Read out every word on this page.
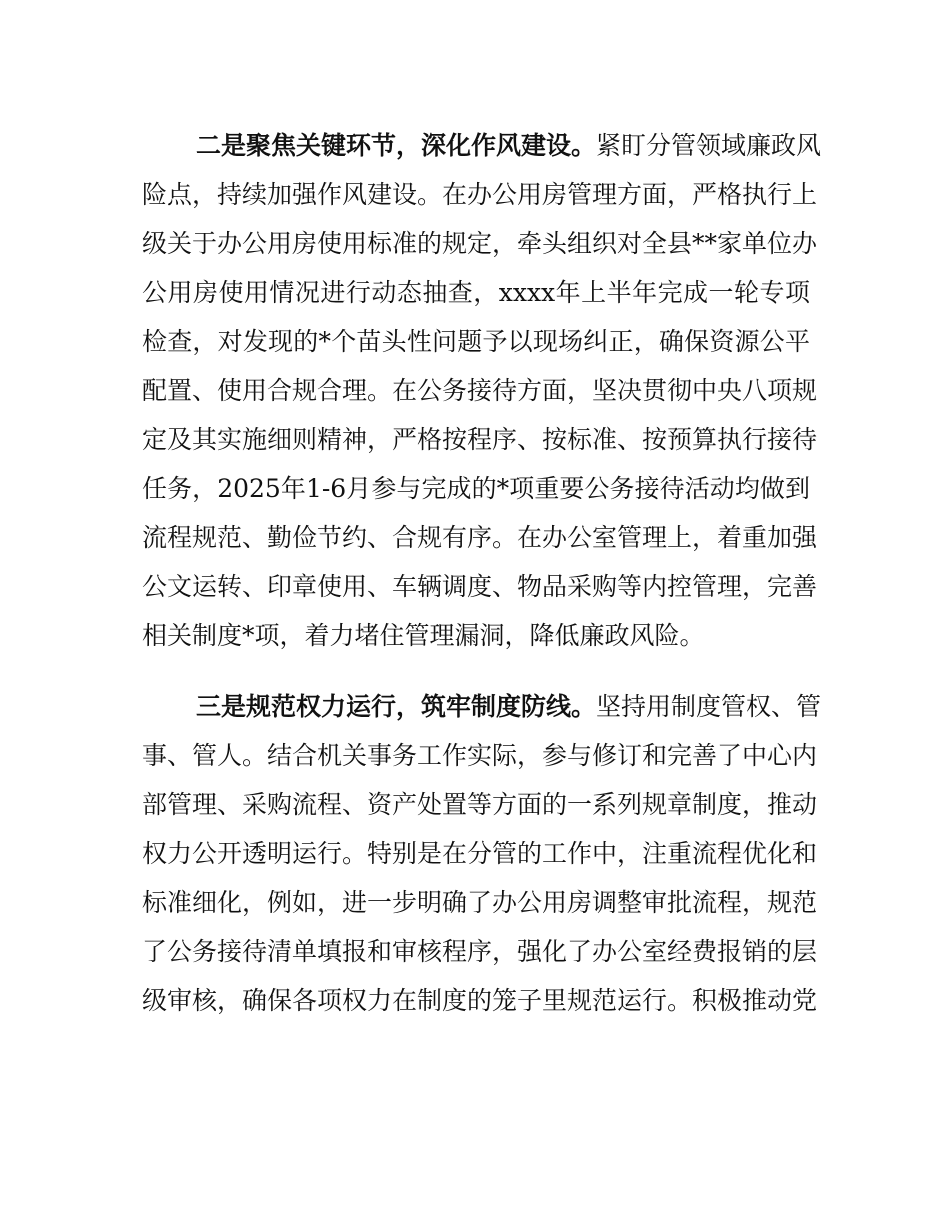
二是聚焦关键环节，深化作风建设。紧盯分管领域廉政风
险点，持续加强作风建设。在办公用房管理方面，严格执行上
级关于办公用房使用标准的规定，牵头组织对全县**家单位办
公用房使用情况进行动态抽查，xxxx年上半年完成一轮专项
检查，对发现的*个苗头性问题予以现场纠正，确保资源公平
配置、使用合规合理。在公务接待方面，坚决贯彻中央八项规
定及其实施细则精神，严格按程序、按标准、按预算执行接待
任务，2025年1-6月参与完成的*项重要公务接待活动均做到
流程规范、勤俭节约、合规有序。在办公室管理上，着重加强
公文运转、印章使用、车辆调度、物品采购等内控管理，完善
相关制度*项，着力堵住管理漏洞，降低廉政风险。
三是规范权力运行，筑牢制度防线。坚持用制度管权、管
事、管人。结合机关事务工作实际，参与修订和完善了中心内
部管理、采购流程、资产处置等方面的一系列规章制度，推动
权力公开透明运行。特别是在分管的工作中，注重流程优化和
标准细化，例如，进一步明确了办公用房调整审批流程，规范
了公务接待清单填报和审核程序，强化了办公室经费报销的层
级审核，确保各项权力在制度的笼子里规范运行。积极推动党
